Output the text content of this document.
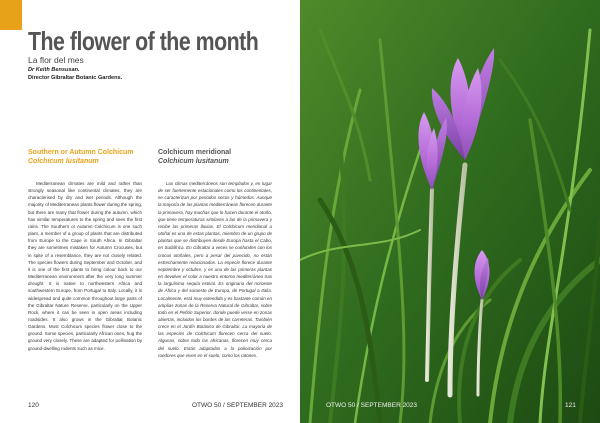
The flower of the month
La flor del mes
Dr Keith Bensusan.
Director Gibraltar Botanic Gardens.
Southern or Autumn Colchicum
Colchicum lusitanum
Mediterranean climates are mild and rather than strongly seasonal like continental climates, they are characterised by dry and wet periods. Although the majority of Mediterranean plants flower during the spring, but there are many that flower during the autumn, which has similar temperatures to the spring and sees the first rains. The Southern or Autumn Colchicum is one such plant, a member of a group of plants that are distributed from Europe to the Cape in South Africa. In Gibraltar they are sometimes mistaken for Autumn Crocuses, but in spite of a resemblance, they are not closely related. The species flowers during September and October, and it is one of the first plants to bring colour back to our Mediterranean environment after the very long summer drought. It is native to northwestern Africa and southwestern Europe, from Portugal to Italy. Locally, it is widespread and quite common throughout large parts of the Gibraltar Nature Reserve, particularly on the Upper Rock, where it can be seen in open areas including roadsides. It also grows in the Gibraltar Botanic Gardens. Most Colchicum species flower close to the ground. Some species, particularly African ones, hug the ground very closely. These are adapted for pollination by ground-dwelling rodents such as mice.
Colchicum meridional
Colchicum lusitanum
Los climas mediterráneos son templados y, en lugar de ser fuertemente estacionales como los continentales, se caracterizan por periodos secos y húmedos. Aunque la mayoría de las plantas mediterráneas florecen durante la primavera, hay muchas que lo hacen durante el otoño, que tiene temperaturas similares a las de la primavera y recibe las primeras lluvias. El Colchicum meridional u otoñal es una de estas plantas, miembro de un grupo de plantas que se distribuyen desde Europa hasta el Cabo, en Sudáfrica. En Gibraltar a veces se confunden con los crocus otoñales, pero a pesar del parecido, no están estrechamente relacionados. La especie florece durante septiembre y octubre, y es una de las primeras plantas en devolver el color a nuestro entorno mediterráneo tras la larguísima sequía estival. Es originaria del noroeste de África y del suroeste de Europa, de Portugal a Italia. Localmente, está muy extendida y es bastante común en amplias zonas de la Reserva Natural de Gibraltar, sobre todo en el Peñón Superior, donde puede verse en zonas abiertas, incluidos los bordes de las carreteras. También crece en el Jardín Botánico de Gibraltar. La mayoría de las especies de Colchicum florecen cerca del suelo. Algunas, sobre todo las africanas, florecen muy cerca del suelo. Están adaptadas a la polinización por roedores que viven en el suelo, como los ratones.
120	OTWO 50 / SEPTEMBER 2023	OTWO 50 / SEPTEMBER 2023	121
